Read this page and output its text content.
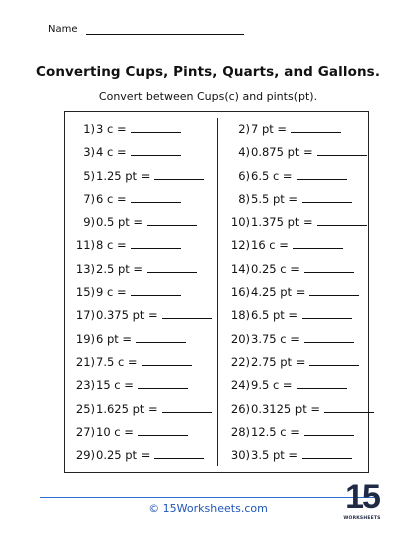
Name
Converting Cups, Pints, Quarts, and Gallons.
Convert between Cups(c) and pints(pt).
1) 3 c =
3) 4 c =
5) 1.25 pt =
7) 6 c =
9) 0.5 pt =
11) 8 c =
13) 2.5 pt =
15) 9 c =
17) 0.375 pt =
19) 6 pt =
21) 7.5 c =
23) 15 c =
25) 1.625 pt =
27) 10 c =
29) 0.25 pt =
2) 7 pt =
4) 0.875 pt =
6) 6.5 c =
8) 5.5 pt =
10) 1.375 pt =
12) 16 c =
14) 0.25 c =
16) 4.25 pt =
18) 6.5 pt =
20) 3.75 c =
22) 2.75 pt =
24) 9.5 c =
26) 0.3125 pt =
28) 12.5 c =
30) 3.5 pt =
© 15Worksheets.com	15
WORKSHEETS
